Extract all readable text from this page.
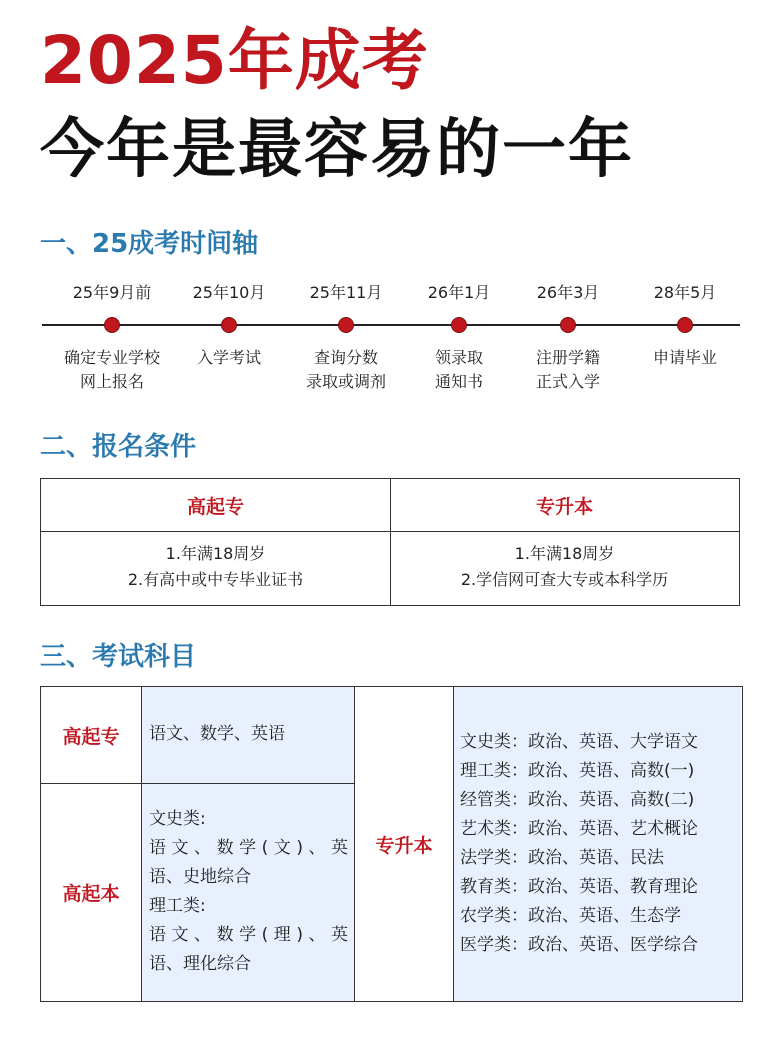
2025年成考
今年是最容易的一年
一、25成考时间轴
25年9月前
确定专业学校
网上报名
25年10月
入学考试
25年11月
查询分数
录取或调剂
26年1月
领录取
通知书
26年3月
注册学籍
正式入学
28年5月
申请毕业
二、报名条件
高起专	专升本
1.年满18周岁
2.有高中或中专毕业证书
1.年满18周岁
2.学信网可查大专或本科学历
三、考试科目
高起专	语文、数学、英语
高起本
文史类:
语文、数学(文)、英
语、史地综合
理工类:
语文、数学(理)、英
语、理化综合
专升本
文史类：政治、英语、大学语文
理工类：政治、英语、高数(一)
经管类：政治、英语、高数(二)
艺术类：政治、英语、艺术概论
法学类：政治、英语、民法
教育类：政治、英语、教育理论
农学类：政治、英语、生态学
医学类：政治、英语、医学综合
